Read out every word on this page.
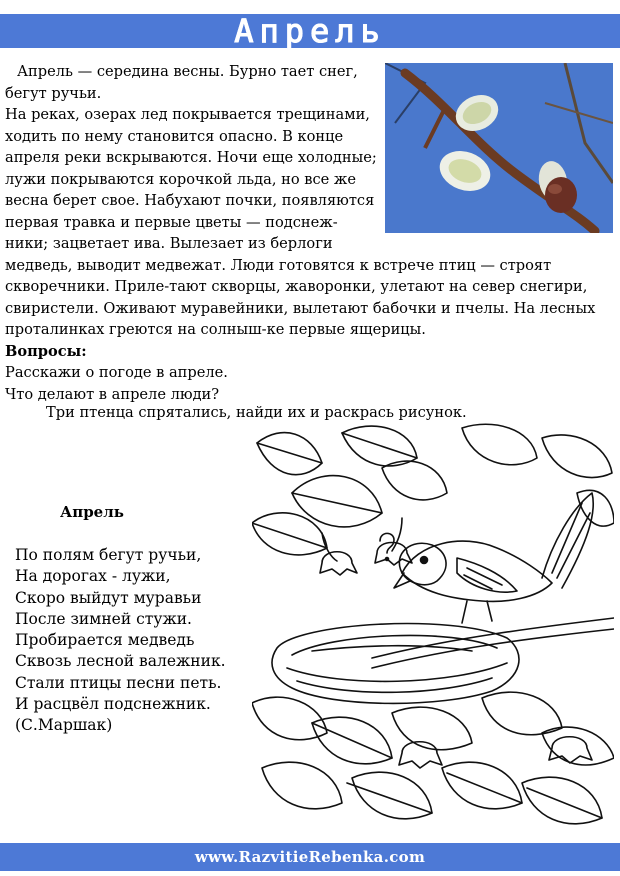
Апрель

Апрель — середина весны. Бурно тает снег, бегут ручьи.

На реках, озерах лед покрывается трещинами, ходить по нему становится опасно. В конце апреля реки вскрываются. Ночи еще холодные; лужи покрываются корочкой льда, но все же весна берет свое. Набухают почки, появляются первая травка и первые цветы — подснеж-ники; зацветает ива. Вылезает из берлоги медведь, выводит медвежат. Люди готовятся к встрече птиц — строят скворечники. Приле-тают скворцы, жаворонки, улетают на север снегири, свиристели. Оживают муравейники, вылетают бабочки и пчелы. На лесных проталинках греются на солныш-ке первые ящерицы.

Вопросы:
Расскажи о погоде в апреле.
Что делают в апреле люди?
Три птенца спрятались, найди их и раскрась рисунок.
Апрель
По полям бегут ручьи,
На дорогах - лужи,
Скоро выйдут муравьи
После зимней стужи.
Пробирается медведь
Сквозь лесной валежник.
Стали птицы песни петь.
И расцвёл подснежник.
(С.Маршак)
www.RazvitieRebenka.com
